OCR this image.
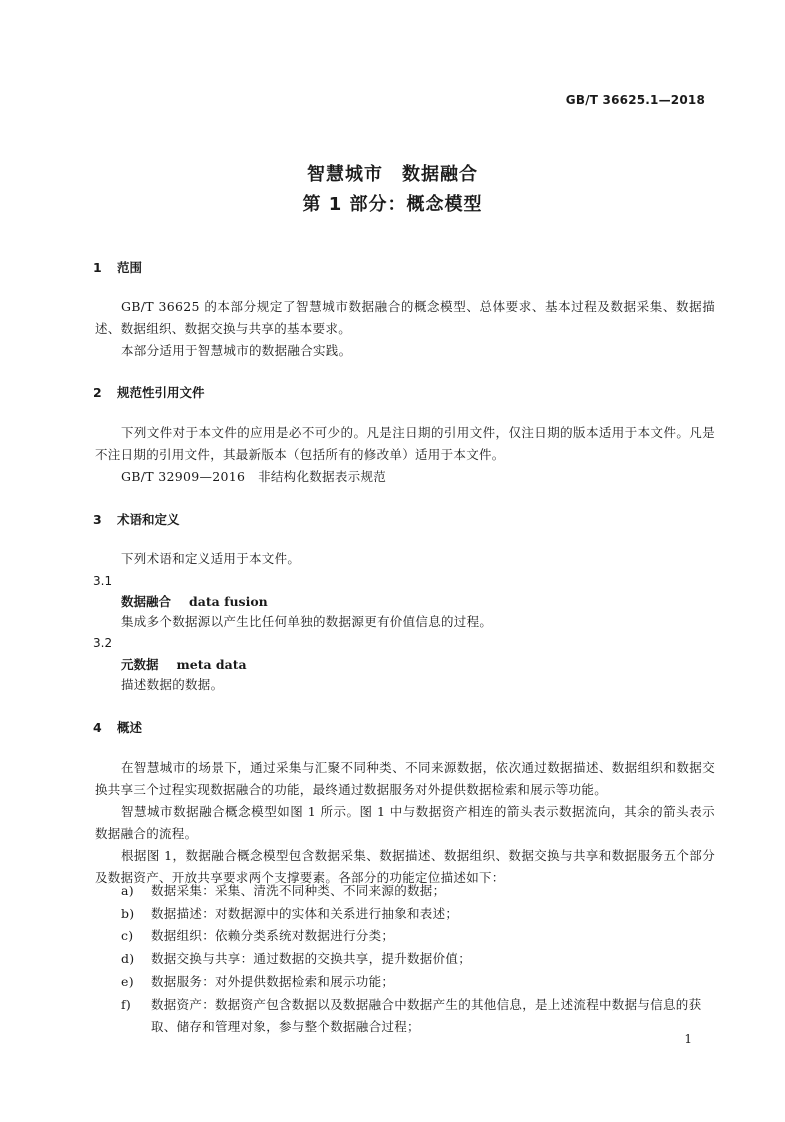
GB/T 36625.1—2018
智慧城市　数据融合
第 1 部分：概念模型
1 范围
GB/T 36625 的本部分规定了智慧城市数据融合的概念模型、总体要求、基本过程及数据采集、数据描述、数据组织、数据交换与共享的基本要求。
本部分适用于智慧城市的数据融合实践。
2 规范性引用文件
下列文件对于本文件的应用是必不可少的。凡是注日期的引用文件，仅注日期的版本适用于本文件。凡是不注日期的引用文件，其最新版本（包括所有的修改单）适用于本文件。
GB/T 32909—2016　非结构化数据表示规范
3 术语和定义
下列术语和定义适用于本文件。
3.1
数据融合 data fusion
集成多个数据源以产生比任何单独的数据源更有价值信息的过程。
3.2
元数据 meta data
描述数据的数据。
4 概述
在智慧城市的场景下，通过采集与汇聚不同种类、不同来源数据，依次通过数据描述、数据组织和数据交换共享三个过程实现数据融合的功能，最终通过数据服务对外提供数据检索和展示等功能。
智慧城市数据融合概念模型如图 1 所示。图 1 中与数据资产相连的箭头表示数据流向，其余的箭头表示数据融合的流程。
根据图 1，数据融合概念模型包含数据采集、数据描述、数据组织、数据交换与共享和数据服务五个部分及数据资产、开放共享要求两个支撑要素。各部分的功能定位描述如下：
a) 数据采集：采集、清洗不同种类、不同来源的数据；
b) 数据描述：对数据源中的实体和关系进行抽象和表述；
c) 数据组织：依赖分类系统对数据进行分类；
d) 数据交换与共享：通过数据的交换共享，提升数据价值；
e) 数据服务：对外提供数据检索和展示功能；
f) 数据资产：数据资产包含数据以及数据融合中数据产生的其他信息，是上述流程中数据与信息的获取、储存和管理对象，参与整个数据融合过程；
1
